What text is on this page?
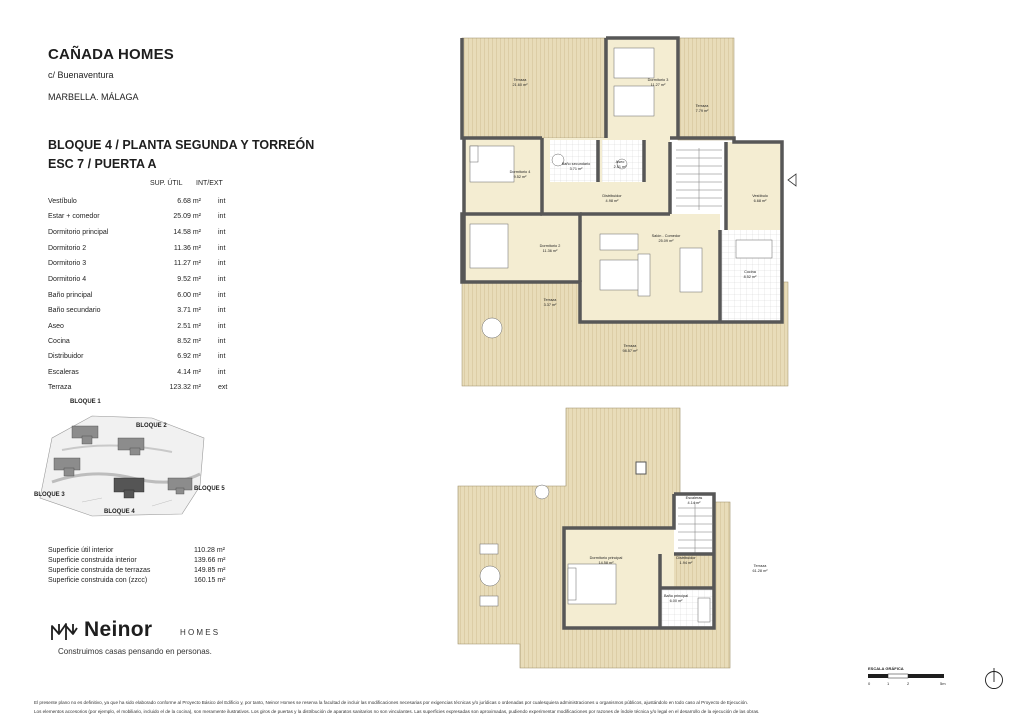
CAÑADA HOMES
c/ Buenaventura
MARBELLA. MÁLAGA
BLOQUE 4 / PLANTA SEGUNDA Y TORREÓN
ESC 7 / PUERTA A
SUP. ÚTIL INT/EXT
Vestíbulo	6.68 m² int
Estar + comedor	25.09 m² int
Dormitorio principal	14.58 m² int
Dormitorio 2	11.36 m² int
Dormitorio 3	11.27 m² int
Dormitorio 4	9.52 m² int
Baño principal	6.00 m² int
Baño secundario	3.71 m² int
Aseo	2.51 m² int
Cocina	8.52 m² int
Distribuidor	6.92 m² int
Escaleras	4.14 m² int
Terraza	123.32 m² ext
BLOQUE 1
BLOQUE 2
BLOQUE 5
BLOQUE 3
BLOQUE 4
Superficie útil interior	110.28 m²
Superficie construida interior	139.66 m²
Superficie construida de terrazas	149.85 m²
Superficie construida con (zzcc)	160.15 m²
Neinor	HOMES
Construimos casas pensando en personas.
Terraza
21.60 m²
Dormitorio 3
11.27 m²
Terraza
7.79 m²
Dormitorio 4
9.52 m²
Baño secundario
3.71 m²
Aseo
2.51 m²
Vestíbulo
6.68 m²
Distribuidor
4.98 m²
Dormitorio 2
11.36 m²
Salón - Comedor
25.09 m²
Cocina
8.52 m²
Terraza
3.37 m²
Terraza
98.57 m²
Escaleras
4.14 m²
Dormitorio principal
14.58 m²
Distribuidor
1.94 m²
Baño principal
6.00 m²
Terraza
61.28 m²
ESCALA GRÁFICA
0	1	2	5m
El presente plano no es definitivo, ya que ha sido elaborado conforme al Proyecto Básico del Edificio y, por tanto, Neinor Homes se reserva la facultad de incluir las modificaciones necesarias por exigencias técnicas y/o jurídicas o ordenadas por cualesquiera administraciones u organismos públicos, ajustándolo en todo caso al Proyecto de Ejecución.
Los elementos accesorios (por ejemplo, el mobiliario, incluido el de la cocina), son meramente ilustrativos. Los giros de puertas y la distribución de aparatos sanitarios no son vinculantes. Las superficies expresadas son aproximadas, pudiendo experimentar modificaciones por razones de índole técnica y/o legal en el desarrollo de la ejecución de las obras.
